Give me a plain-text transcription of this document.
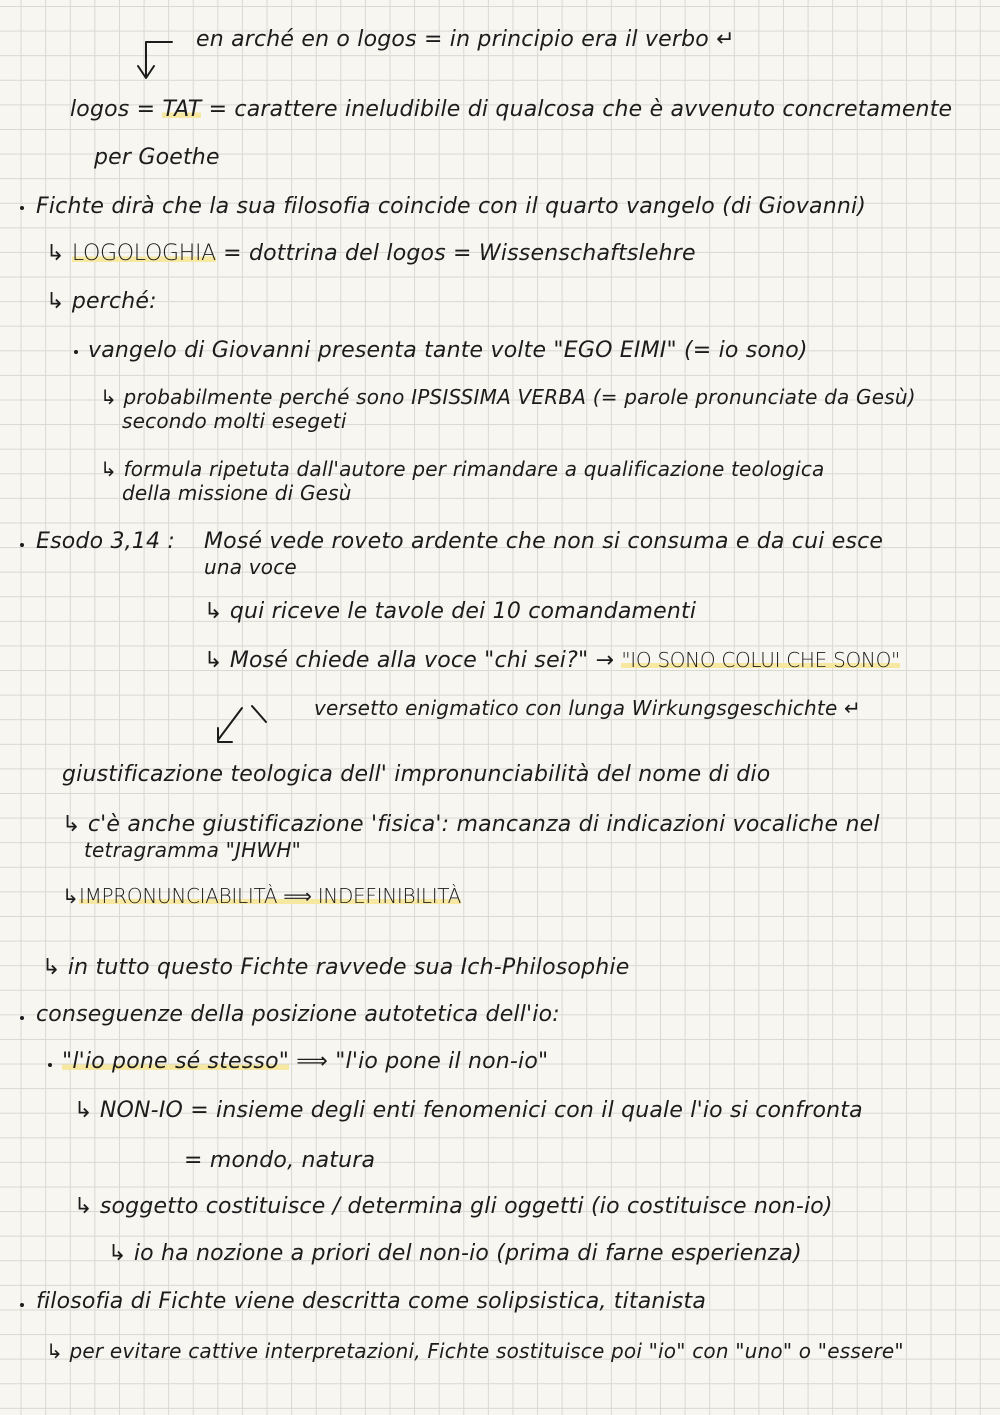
en arché en o logos = in principio era il verbo ↵
logos = TAT = carattere ineludibile di qualcosa che è avvenuto concretamente
per Goethe
Fichte dirà che la sua filosofia coincide con il quarto vangelo (di Giovanni)
↳ LOGOLOGHIA = dottrina del logos = Wissenschaftslehre
↳ perché:
vangelo di Giovanni presenta tante volte "EGO EIMI" (= io sono)
↳ probabilmente perché sono IPSISSIMA VERBA (= parole pronunciate da Gesù)
secondo molti esegeti
↳ formula ripetuta dall'autore per rimandare a qualificazione teologica
della missione di Gesù
Esodo 3,14 : Mosé vede roveto ardente che non si consuma e da cui esce
una voce
↳ qui riceve le tavole dei 10 comandamenti
↳ Mosé chiede alla voce "chi sei?" → "IO SONO COLUI CHE SONO"
versetto enigmatico con lunga Wirkungsgeschichte ↵
giustificazione teologica dell' impronunciabilità del nome di dio
↳ c'è anche giustificazione 'fisica': mancanza di indicazioni vocaliche nel
tetragramma "JHWH"
↳IMPRONUNCIABILITÀ ⟹ INDEFINIBILITÀ
↳ in tutto questo Fichte ravvede sua Ich-Philosophie
conseguenze della posizione autotetica dell'io:
"l'io pone sé stesso" ⟹ "l'io pone il non-io"
↳ NON-IO = insieme degli enti fenomenici con il quale l'io si confronta
= mondo, natura
↳ soggetto costituisce / determina gli oggetti (io costituisce non-io)
↳ io ha nozione a priori del non-io (prima di farne esperienza)
filosofia di Fichte viene descritta come solipsistica, titanista
↳ per evitare cattive interpretazioni, Fichte sostituisce poi "io" con "uno" o "essere"
